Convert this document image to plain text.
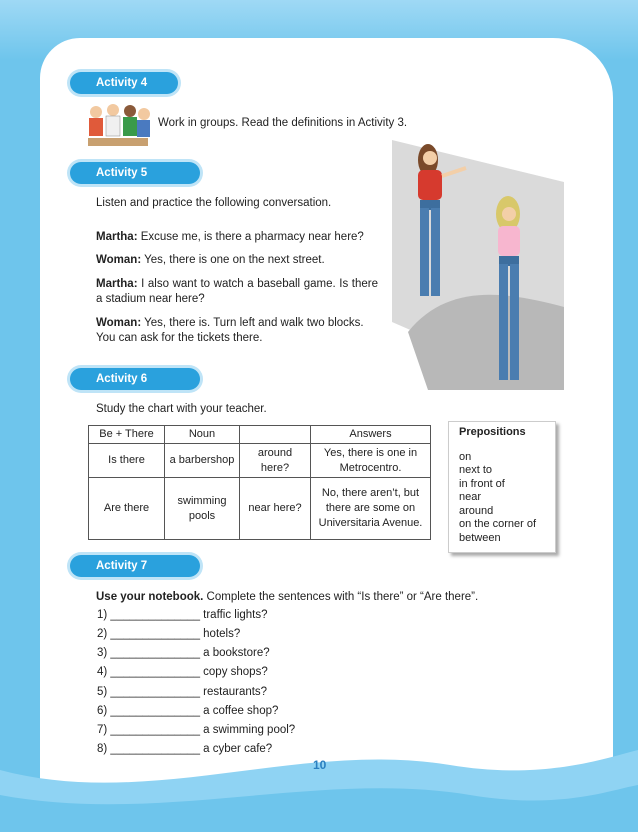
Activity 4
Work in groups. Read the definitions in Activity 3.
Activity 5
Listen and practice the following conversation.
Martha: Excuse me, is there a pharmacy near here?
Woman: Yes, there is one on the next street.
Martha: I also want to watch a baseball game. Is there a stadium near here?
Woman: Yes, there is. Turn left and walk two blocks. You can ask for the tickets there.
Activity 6
Study the chart with your teacher.
Be + There	Noun		Answers
Is there	a barbershop	around here?	Yes, there is one in Metrocentro.
Are there	swimming pools	near here?	No, there aren’t, but there are some on Universitaria Avenue.
Prepositions
on
next to
in front of
near
around
on the corner of
between
Activity 7
Use your notebook. Complete the sentences with “Is there” or “Are there”.
1) ______________ traffic lights?
2) ______________ hotels?
3) ______________ a bookstore?
4) ______________ copy shops?
5) ______________ restaurants?
6) ______________ a coffee shop?
7) ______________ a swimming pool?
8) ______________ a cyber cafe?
10
